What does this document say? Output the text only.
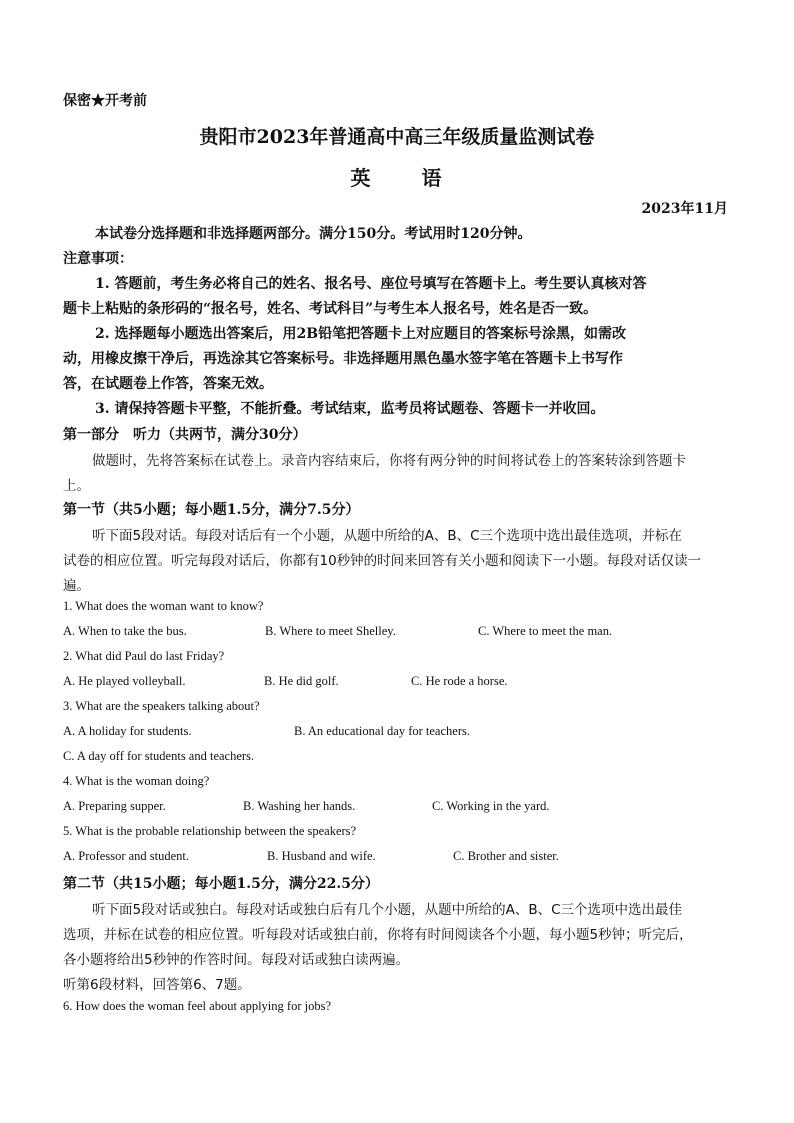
保密★开考前
贵阳市2023年普通高中高三年级质量监测试卷
英 语
2023年11月
本试卷分选择题和非选择题两部分。满分150分。考试用时120分钟。
注意事项：
1. 答题前，考生务必将自己的姓名、报名号、座位号填写在答题卡上。考生要认真核对答
题卡上粘贴的条形码的“报名号，姓名、考试科目”与考生本人报名号，姓名是否一致。
2. 选择题每小题选出答案后，用2B铅笔把答题卡上对应题目的答案标号涂黑，如需改
动，用橡皮擦干净后，再选涂其它答案标号。非选择题用黑色墨水签字笔在答题卡上书写作
答，在试题卷上作答，答案无效。
3. 请保持答题卡平整，不能折叠。考试结束，监考员将试题卷、答题卡一并收回。
第一部分　听力（共两节，满分30分）
做题时，先将答案标在试卷上。录音内容结束后，你将有两分钟的时间将试卷上的答案转涂到答题卡
上。
第一节（共5小题；每小题1.5分，满分7.5分）
听下面5段对话。每段对话后有一个小题，从题中所给的A、B、C三个选项中选出最佳选项，并标在
试卷的相应位置。听完每段对话后，你都有10秒钟的时间来回答有关小题和阅读下一小题。每段对话仅读一
遍。
1. What does the woman want to know?
A. When to take the bus.	B. Where to meet Shelley.	C. Where to meet the man.
2. What did Paul do last Friday?
A. He played volleyball.	B. He did golf.	C. He rode a horse.
3. What are the speakers talking about?
A. A holiday for students.	B. An educational day for teachers.
C. A day off for students and teachers.
4. What is the woman doing?
A. Preparing supper.	B. Washing her hands.	C. Working in the yard.
5. What is the probable relationship between the speakers?
A. Professor and student.	B. Husband and wife.	C. Brother and sister.
第二节（共15小题；每小题1.5分，满分22.5分）
听下面5段对话或独白。每段对话或独白后有几个小题，从题中所给的A、B、C三个选项中选出最佳
选项，并标在试卷的相应位置。听每段对话或独白前，你将有时间阅读各个小题，每小题5秒钟；听完后，
各小题将给出5秒钟的作答时间。每段对话或独白读两遍。
听第6段材料，回答第6、7题。
6. How does the woman feel about applying for jobs?
